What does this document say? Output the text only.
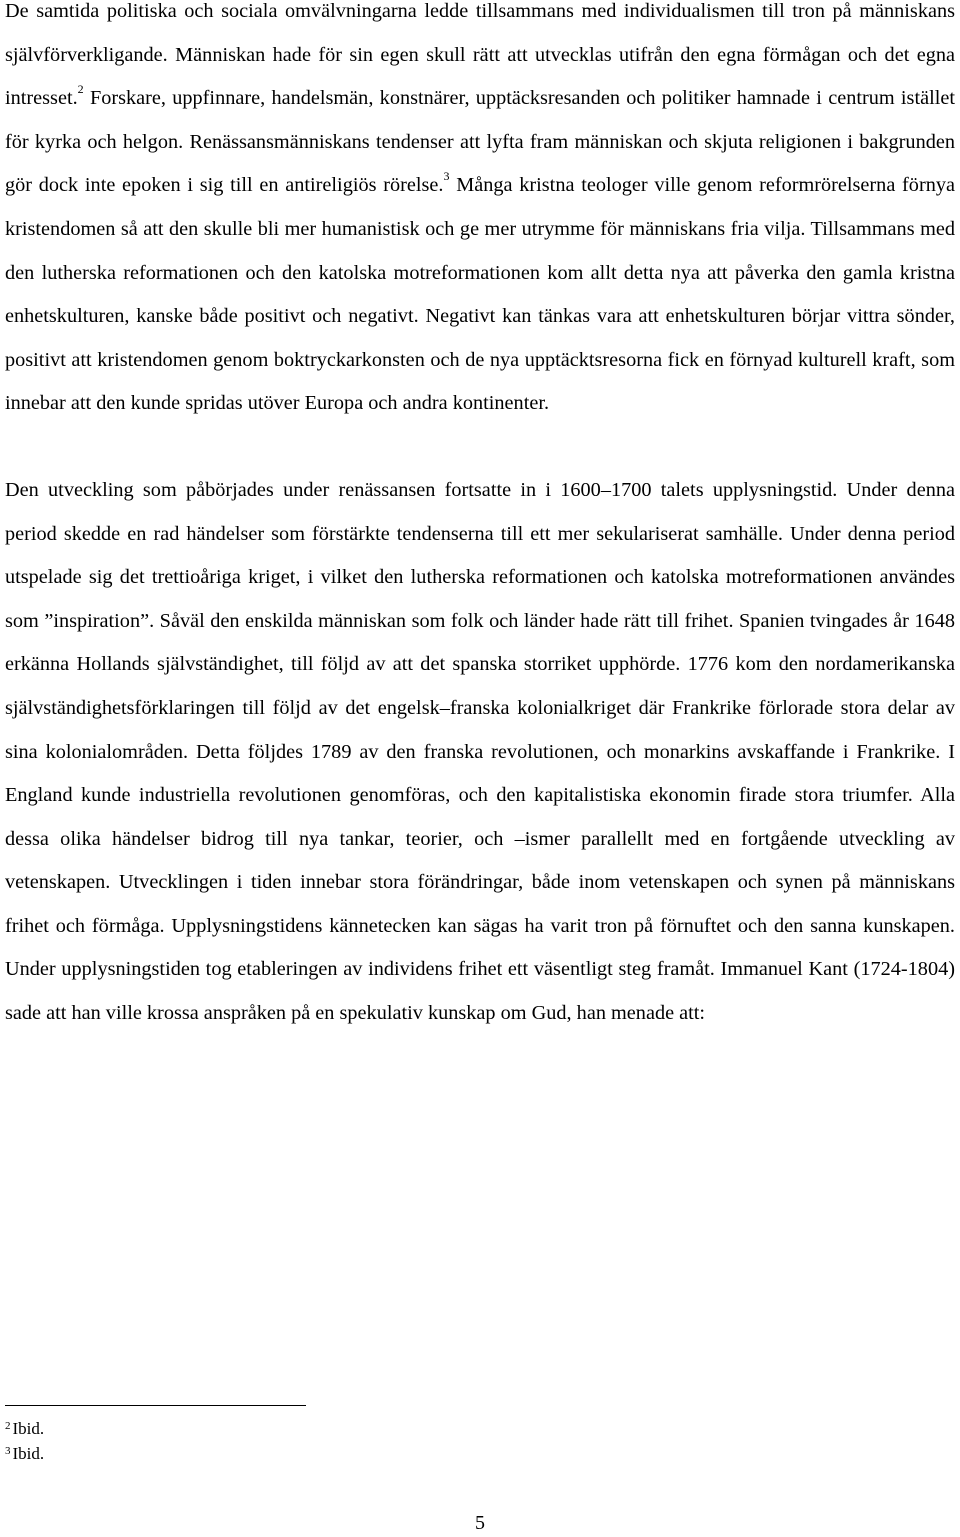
De samtida politiska och sociala omvälvningarna ledde tillsammans med individualismen till tron på människans självförverkligande. Människan hade för sin egen skull rätt att utvecklas utifrån den egna förmågan och det egna intresset.$^2$ Forskare, uppfinnare, handelsmän, konstnärer, upptäcksresanden och politiker hamnade i centrum istället för kyrka och helgon. Renässansmänniskans tendenser att lyfta fram människan och skjuta religionen i bakgrunden gör dock inte epoken i sig till en antireligiös rörelse.$^3$ Många kristna teologer ville genom reformrörelserna förnya kristendomen så att den skulle bli mer humanistisk och ge mer utrymme för människans fria vilja. Tillsammans med den lutherska reformationen och den katolska motreformationen kom allt detta nya att påverka den gamla kristna enhetskulturen, kanske både positivt och negativt. Negativt kan tänkas vara att enhetskulturen börjar vittra sönder, positivt att kristendomen genom boktryckarkonsten och de nya upptäcktsresorna fick en förnyad kulturell kraft, som innebar att den kunde spridas utöver Europa och andra kontinenter.

Den utveckling som påbörjades under renässansen fortsatte in i 1600–1700 talets upplysningstid. Under denna period skedde en rad händelser som förstärkte tendenserna till ett mer sekulariserat samhälle. Under denna period utspelade sig det trettioåriga kriget, i vilket den lutherska reformationen och katolska motreformationen användes som ”inspiration”. Såväl den enskilda människan som folk och länder hade rätt till frihet. Spanien tvingades år 1648 erkänna Hollands självständighet, till följd av att det spanska storriket upphörde. 1776 kom den nordamerikanska självständighetsförklaringen till följd av det engelsk–franska kolonialkriget där Frankrike förlorade stora delar av sina kolonialområden. Detta följdes 1789 av den franska revolutionen, och monarkins avskaffande i Frankrike. I England kunde industriella revolutionen genomföras, och den kapitalistiska ekonomin firade stora triumfer. Alla dessa olika händelser bidrog till nya tankar, teorier, och –ismer parallellt med en fortgående utveckling av vetenskapen. Utvecklingen i tiden innebar stora förändringar, både inom vetenskapen och synen på människans frihet och förmåga. Upplysningstidens kännetecken kan sägas ha varit tron på förnuftet och den sanna kunskapen. Under upplysningstiden tog etableringen av individens frihet ett väsentligt steg framåt. Immanuel Kant (1724-1804) sade att han ville krossa anspråken på en spekulativ kunskap om Gud, han menade att:

$^2$ Ibid.

$^3$ Ibid.

5
